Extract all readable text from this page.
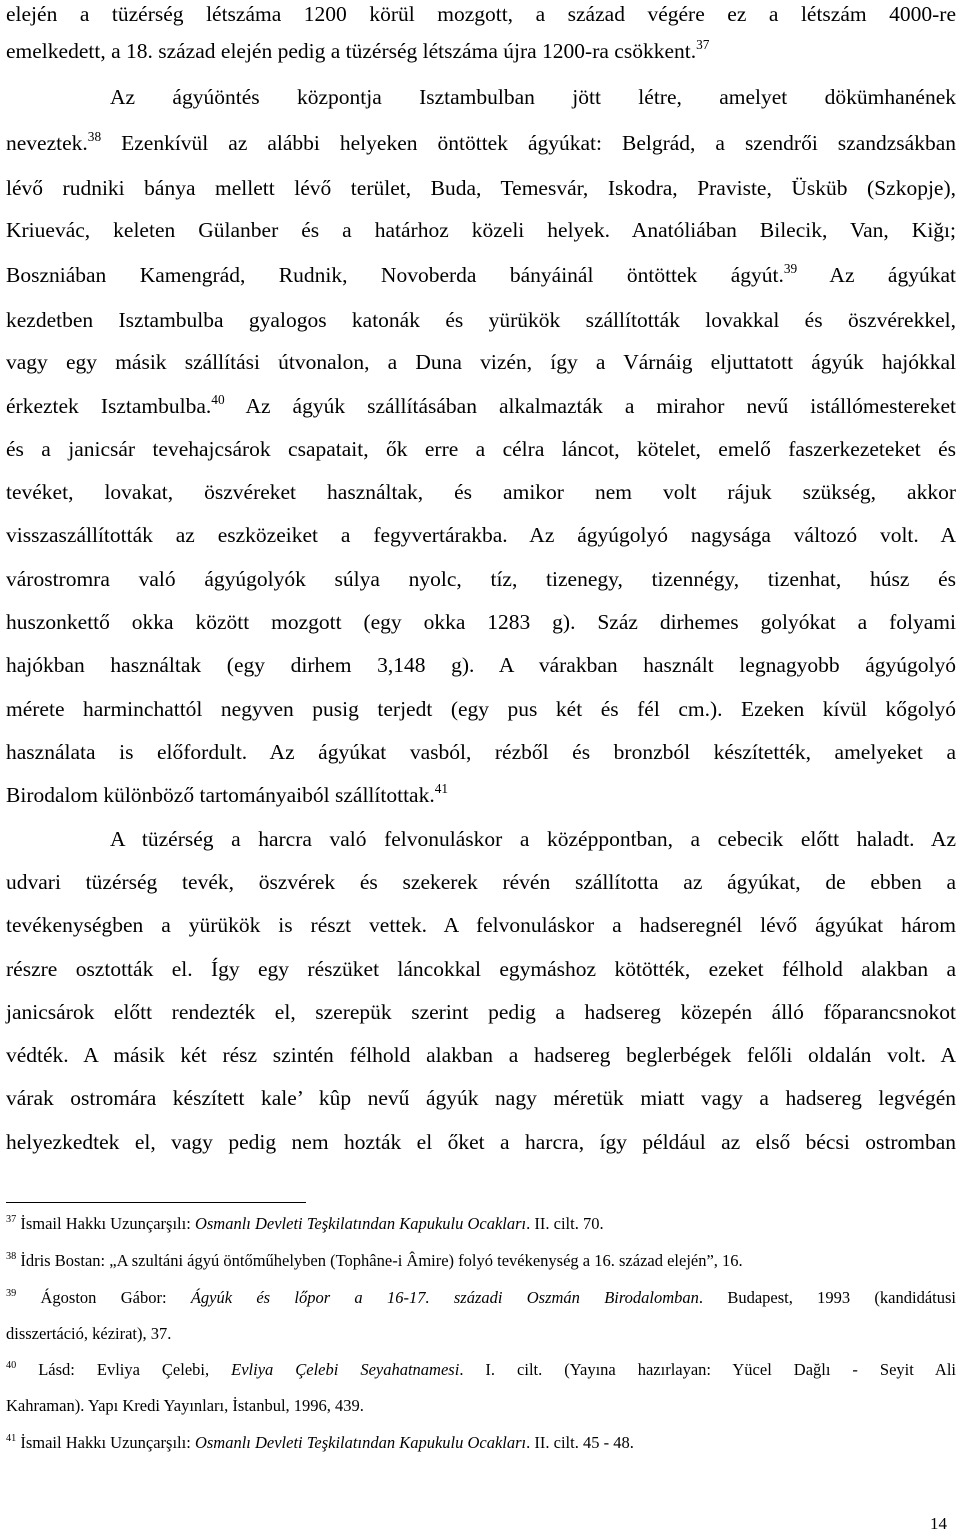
elején a tüzérség létszáma 1200 körül mozgott, a század végére ez a létszám 4000-re
emelkedett, a 18. század elején pedig a tüzérség létszáma újra 1200-ra csökkent.$^{37}$
Az ágyúöntés központja Isztambulban jött létre, amelyet dökümhanének
neveztek.$^{38}$ Ezenkívül az alábbi helyeken öntöttek ágyúkat: Belgrád, a szendrői szandzsákban
lévő rudniki bánya mellett lévő terület, Buda, Temesvár, Iskodra, Praviste, Üsküb (Szkopje),
Kriuevác, keleten Gülanber és a határhoz közeli helyek. Anatóliában Bilecik, Van, Kiğı;
Boszniában Kamengrád, Rudnik, Novoberda bányáinál öntöttek ágyút.$^{39}$ Az ágyúkat
kezdetben Isztambulba gyalogos katonák és yürükök szállították lovakkal és öszvérekkel,
vagy egy másik szállítási útvonalon, a Duna vizén, így a Várnáig eljuttatott ágyúk hajókkal
érkeztek Isztambulba.$^{40}$ Az ágyúk szállításában alkalmazták a mirahor nevű istállómestereket
és a janicsár tevehajcsárok csapatait, ők erre a célra láncot, kötelet, emelő faszerkezeteket és
tevéket, lovakat, öszvéreket használtak, és amikor nem volt rájuk szükség, akkor
visszaszállították az eszközeiket a fegyvertárakba. Az ágyúgolyó nagysága változó volt. A
várostromra való ágyúgolyók súlya nyolc, tíz, tizenegy, tizennégy, tizenhat, húsz és
huszonkettő okka között mozgott (egy okka 1283 g). Száz dirhemes golyókat a folyami
hajókban használtak (egy dirhem 3,148 g). A várakban használt legnagyobb ágyúgolyó
mérete harminchattól negyven pusig terjedt (egy pus két és fél cm.). Ezeken kívül kőgolyó
használata is előfordult. Az ágyúkat vasból, rézből és bronzból készítették, amelyeket a
Birodalom különböző tartományaiból szállítottak.$^{41}$
A tüzérség a harcra való felvonuláskor a középpontban, a cebecik előtt haladt. Az
udvari tüzérség tevék, öszvérek és szekerek révén szállította az ágyúkat, de ebben a
tevékenységben a yürükök is részt vettek. A felvonuláskor a hadseregnél lévő ágyúkat három
részre osztották el. Így egy részüket láncokkal egymáshoz kötötték, ezeket félhold alakban a
janicsárok előtt rendezték el, szerepük szerint pedig a hadsereg közepén álló főparancsnokot
védték. A másik két rész szintén félhold alakban a hadsereg beglerbégek felőli oldalán volt. A
várak ostromára készített kale’ kûp nevű ágyúk nagy méretük miatt vagy a hadsereg legvégén
helyezkedtek el, vagy pedig nem hozták el őket a harcra, így például az első bécsi ostromban
$^{37}$ İsmail Hakkı Uzunçarşılı: Osmanlı Devleti Teşkilatından Kapukulu Ocakları. II. cilt. 70.
$^{38}$ İdris Bostan: „A szultáni ágyú öntőműhelyben (Tophâne-i Âmire) folyó tevékenység a 16. század elején”, 16.
$^{39}$ Ágoston Gábor: Ágyúk és lőpor a 16-17. századi Oszmán Birodalomban. Budapest, 1993 (kandidátusi
disszertáció, kézirat), 37.
$^{40}$ Lásd: Evliya Çelebi, Evliya Çelebi Seyahatnamesi. I. cilt. (Yayına hazırlayan: Yücel Dağlı - Seyit Ali
Kahraman). Yapı Kredi Yayınları, İstanbul, 1996, 439.
$^{41}$ İsmail Hakkı Uzunçarşılı: Osmanlı Devleti Teşkilatından Kapukulu Ocakları. II. cilt. 45 - 48.
14
